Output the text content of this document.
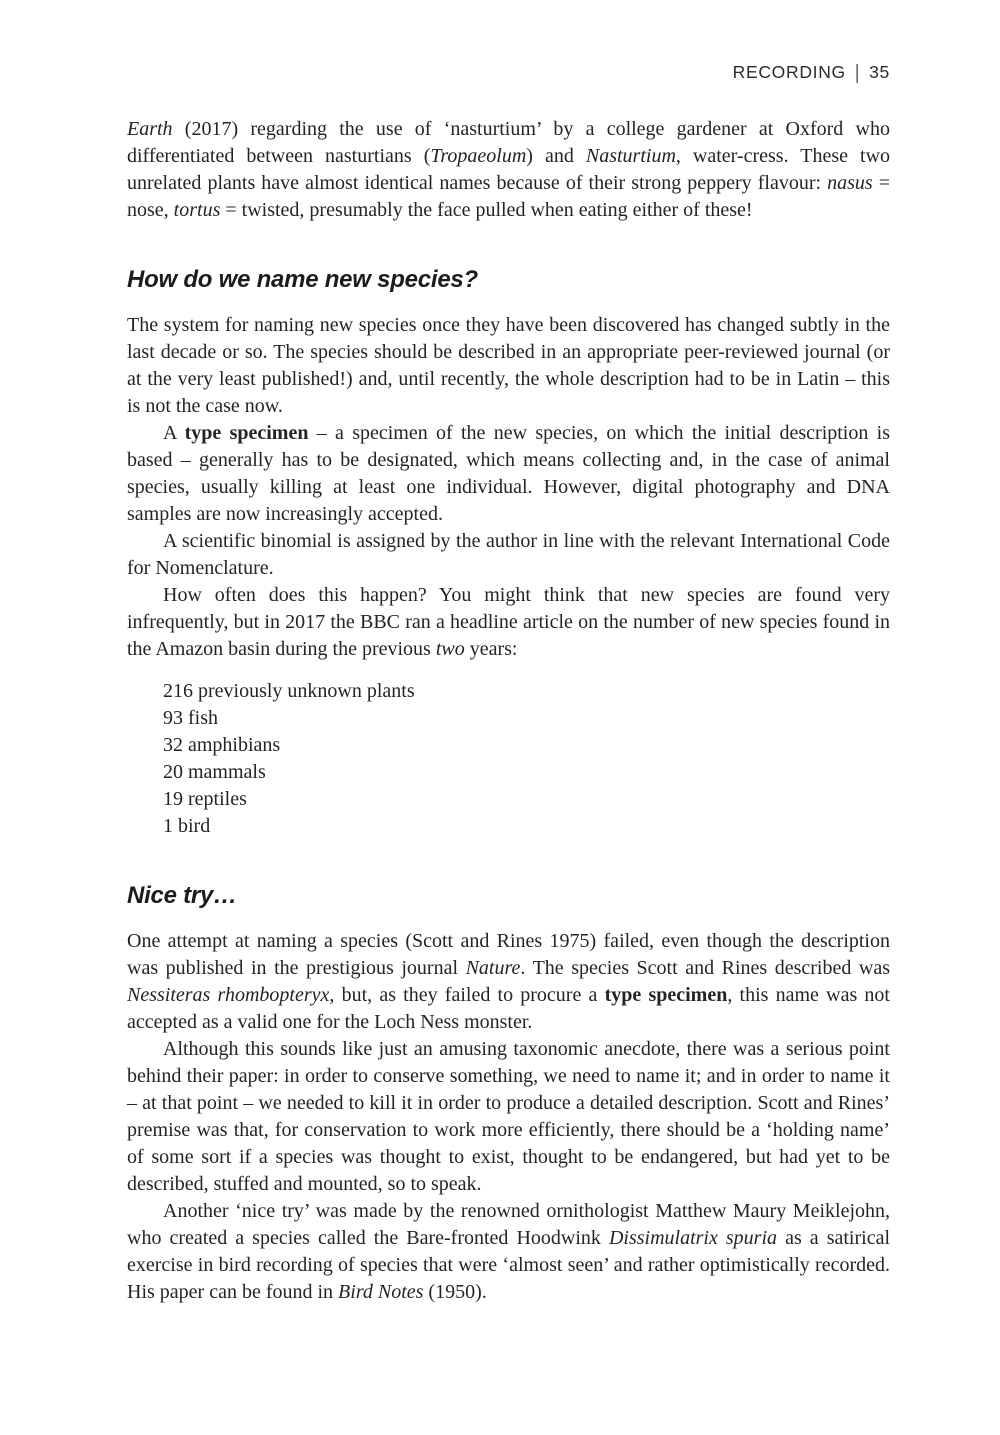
RECORDING | 35

Earth (2017) regarding the use of ‘nasturtium’ by a college gardener at Oxford who differentiated between nasturtians (Tropaeolum) and Nasturtium, water-cress. These two unrelated plants have almost identical names because of their strong peppery flavour: nasus = nose, tortus = twisted, presumably the face pulled when eating either of these!

How do we name new species?

The system for naming new species once they have been discovered has changed subtly in the last decade or so. The species should be described in an appropriate peer-reviewed journal (or at the very least published!) and, until recently, the whole description had to be in Latin – this is not the case now.

A type specimen – a specimen of the new species, on which the initial description is based – generally has to be designated, which means collecting and, in the case of animal species, usually killing at least one individual. However, digital photography and DNA samples are now increasingly accepted.

A scientific binomial is assigned by the author in line with the relevant International Code for Nomenclature.

How often does this happen? You might think that new species are found very infrequently, but in 2017 the BBC ran a headline article on the number of new species found in the Amazon basin during the previous two years:

216 previously unknown plants
93 fish
32 amphibians
20 mammals
19 reptiles
1 bird
Nice try…

One attempt at naming a species (Scott and Rines 1975) failed, even though the description was published in the prestigious journal Nature. The species Scott and Rines described was Nessiteras rhombopteryx, but, as they failed to procure a type specimen, this name was not accepted as a valid one for the Loch Ness monster.

Although this sounds like just an amusing taxonomic anecdote, there was a serious point behind their paper: in order to conserve something, we need to name it; and in order to name it – at that point – we needed to kill it in order to produce a detailed description. Scott and Rines’ premise was that, for conservation to work more efficiently, there should be a ‘holding name’ of some sort if a species was thought to exist, thought to be endangered, but had yet to be described, stuffed and mounted, so to speak.

Another ‘nice try’ was made by the renowned ornithologist Matthew Maury Meiklejohn, who created a species called the Bare-fronted Hoodwink Dissimulatrix spuria as a satirical exercise in bird recording of species that were ‘almost seen’ and rather optimistically recorded. His paper can be found in Bird Notes (1950).
